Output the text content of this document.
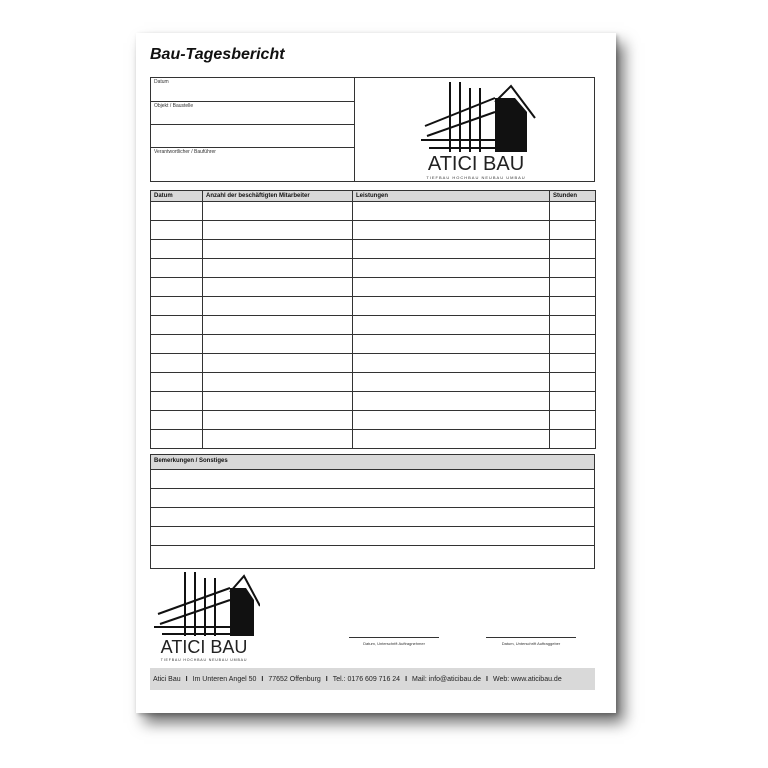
Bau-Tagesbericht
Datum
Objekt / Baustelle
Verantwortlicher / Bauführer
ATICI BAU
TIEFBAU HOCHBAU NEUBAU UMBAU
Datum	Anzahl der beschäftigten Mitarbeiter	Leistungen	Stunden

Bemerkungen / Sonstiges
ATICI BAU
TIEFBAU HOCHBAU NEUBAU UMBAU
Datum, Unterschrift Auftragnehmer	Datum, Unterschrift Auftraggeber
Atici Bau I Im Unteren Angel 50 I 77652 Offenburg I Tel.: 0176 609 716 24 I Mail: info@aticibau.de I Web: www.aticibau.de
